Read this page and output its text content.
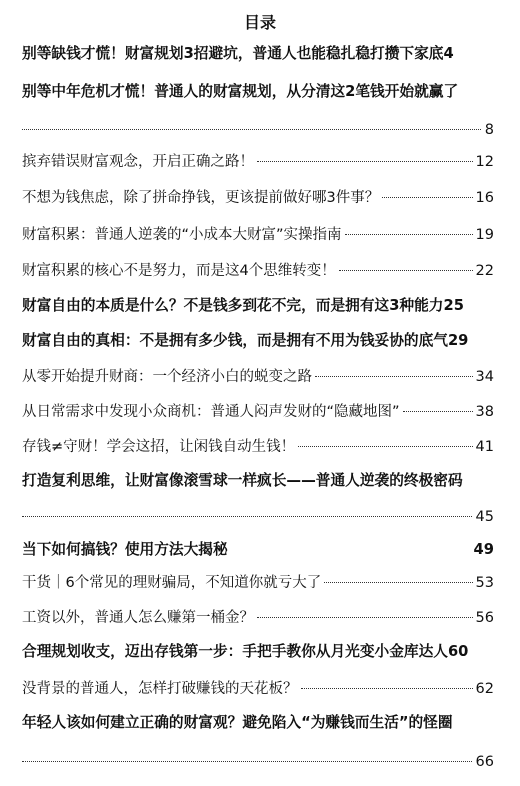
目录
别等缺钱才慌！财富规划3招避坑，普通人也能稳扎稳打攒下家底4
别等中年危机才慌！普通人的财富规划，从分清这2笔钱开始就赢了
8
摈弃错误财富观念，开启正确之路！	12
不想为钱焦虑，除了拼命挣钱，更该提前做好哪3件事？	16
财富积累：普通人逆袭的“小成本大财富”实操指南	19
财富积累的核心不是努力，而是这4个思维转变！	22
财富自由的本质是什么？不是钱多到花不完，而是拥有这3种能力25
财富自由的真相：不是拥有多少钱，而是拥有不用为钱妥协的底气29
从零开始提升财商：一个经济小白的蜕变之路	34
从日常需求中发现小众商机：普通人闷声发财的“隐藏地图”	38
存钱≠守财！学会这招，让闲钱自动生钱！	41
打造复利思维，让财富像滚雪球一样疯长——普通人逆袭的终极密码
45
当下如何搞钱？使用方法大揭秘	49
干货｜6个常见的理财骗局，不知道你就亏大了	53
工资以外，普通人怎么赚第一桶金？	56
合理规划收支，迈出存钱第一步：手把手教你从月光变小金库达人60
没背景的普通人，怎样打破赚钱的天花板？	62
年轻人该如何建立正确的财富观？避免陷入“为赚钱而生活”的怪圈
66
